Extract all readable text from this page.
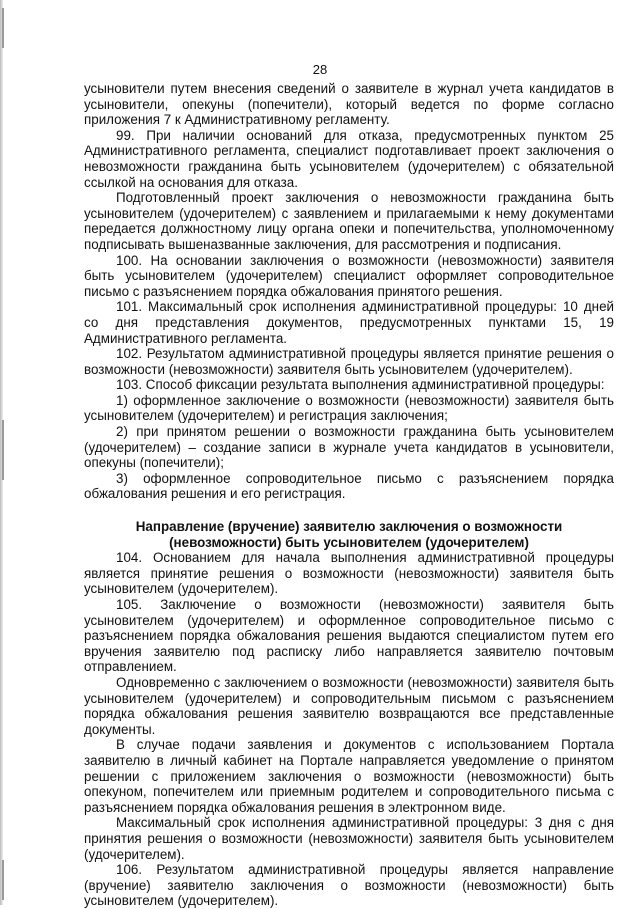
28

усыновители путем внесения сведений о заявителе в журнал учета кандидатов в усыновители, опекуны (попечители), который ведется по форме согласно приложения 7 к Административному регламенту.

99. При наличии оснований для отказа, предусмотренных пунктом 25 Административного регламента, специалист подготавливает проект заключения о невозможности гражданина быть усыновителем (удочерителем) с обязательной ссылкой на основания для отказа.

Подготовленный проект заключения о невозможности гражданина быть усыновителем (удочерителем) с заявлением и прилагаемыми к нему документами передается должностному лицу органа опеки и попечительства, уполномоченному подписывать вышеназванные заключения, для рассмотрения и подписания.

100. На основании заключения о возможности (невозможности) заявителя быть усыновителем (удочерителем) специалист оформляет сопроводительное письмо с разъяснением порядка обжалования принятого решения.

101. Максимальный срок исполнения административной процедуры: 10 дней со дня представления документов, предусмотренных пунктами 15, 19 Административного регламента.

102. Результатом административной процедуры является принятие решения о возможности (невозможности) заявителя быть усыновителем (удочерителем).

103. Способ фиксации результата выполнения административной процедуры:

1) оформленное заключение о возможности (невозможности) заявителя быть усыновителем (удочерителем) и регистрация заключения;

2) при принятом решении о возможности гражданина быть усыновителем (удочерителем) – создание записи в журнале учета кандидатов в усыновители, опекуны (попечители);

3) оформленное сопроводительное письмо с разъяснением порядка обжалования решения и его регистрация.

Направление (вручение) заявителю заключения о возможности (невозможности) быть усыновителем (удочерителем)

104. Основанием для начала выполнения административной процедуры является принятие решения о возможности (невозможности) заявителя быть усыновителем (удочерителем).

105. Заключение о возможности (невозможности) заявителя быть усыновителем (удочерителем) и оформленное сопроводительное письмо с разъяснением порядка обжалования решения выдаются специалистом путем его вручения заявителю под расписку либо направляется заявителю почтовым отправлением.

Одновременно с заключением о возможности (невозможности) заявителя быть усыновителем (удочерителем) и сопроводительным письмом с разъяснением порядка обжалования решения заявителю возвращаются все представленные документы.

В случае подачи заявления и документов с использованием Портала заявителю в личный кабинет на Портале направляется уведомление о принятом решении с приложением заключения о возможности (невозможности) быть опекуном, попечителем или приемным родителем и сопроводительного письма с разъяснением порядка обжалования решения в электронном виде.

Максимальный срок исполнения административной процедуры: 3 дня с дня принятия решения о возможности (невозможности) заявителя быть усыновителем (удочерителем).

106. Результатом административной процедуры является направление (вручение) заявителю заключения о возможности (невозможности) быть усыновителем (удочерителем).
